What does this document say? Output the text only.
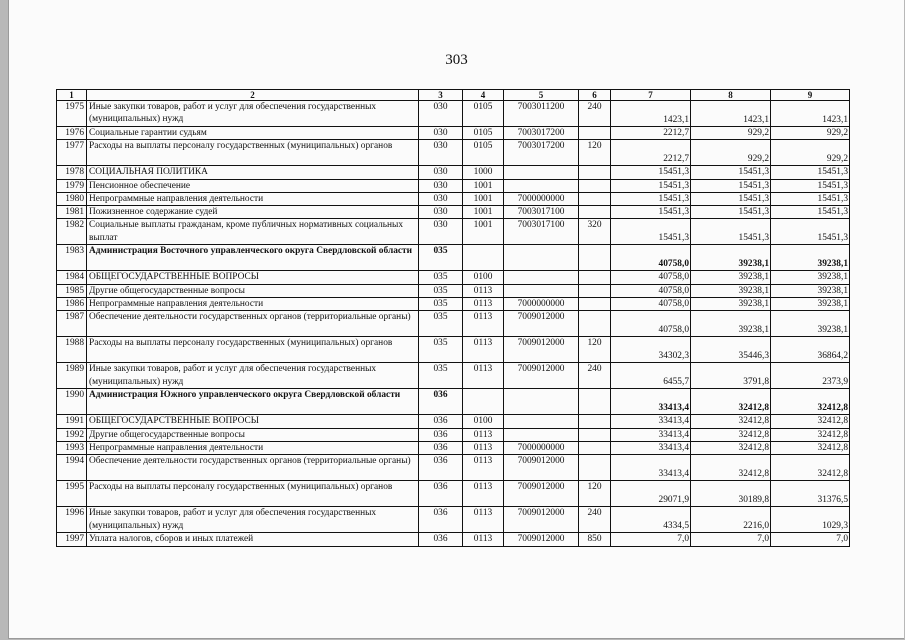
303
1	2	3	4	5	6	7	8	9
1975	Иные закупки товаров, работ и услуг для обеспечения государственных (муниципальных) нужд	030	0105	7003011200	240	1423,1	1423,1	1423,1
1976	Социальные гарантии судьям	030	0105	7003017200		2212,7	929,2	929,2
1977	Расходы на выплаты персоналу государственных (муниципальных) органов	030	0105	7003017200	120	2212,7	929,2	929,2
1978	СОЦИАЛЬНАЯ ПОЛИТИКА	030	1000			15451,3	15451,3	15451,3
1979	Пенсионное обеспечение	030	1001			15451,3	15451,3	15451,3
1980	Непрограммные направления деятельности	030	1001	7000000000		15451,3	15451,3	15451,3
1981	Пожизненное содержание судей	030	1001	7003017100		15451,3	15451,3	15451,3
1982	Социальные выплаты гражданам, кроме публичных нормативных социальных выплат	030	1001	7003017100	320	15451,3	15451,3	15451,3
1983	Администрация Восточного управленческого округа Свердловской области	035				40758,0	39238,1	39238,1
1984	ОБЩЕГОСУДАРСТВЕННЫЕ ВОПРОСЫ	035	0100			40758,0	39238,1	39238,1
1985	Другие общегосударственные вопросы	035	0113			40758,0	39238,1	39238,1
1986	Непрограммные направления деятельности	035	0113	7000000000		40758,0	39238,1	39238,1
1987	Обеспечение деятельности государственных органов (территориальные органы)	035	0113	7009012000		40758,0	39238,1	39238,1
1988	Расходы на выплаты персоналу государственных (муниципальных) органов	035	0113	7009012000	120	34302,3	35446,3	36864,2
1989	Иные закупки товаров, работ и услуг для обеспечения государственных (муниципальных) нужд	035	0113	7009012000	240	6455,7	3791,8	2373,9
1990	Администрация Южного управленческого округа Свердловской области	036				33413,4	32412,8	32412,8
1991	ОБЩЕГОСУДАРСТВЕННЫЕ ВОПРОСЫ	036	0100			33413,4	32412,8	32412,8
1992	Другие общегосударственные вопросы	036	0113			33413,4	32412,8	32412,8
1993	Непрограммные направления деятельности	036	0113	7000000000		33413,4	32412,8	32412,8
1994	Обеспечение деятельности государственных органов (территориальные органы)	036	0113	7009012000		33413,4	32412,8	32412,8
1995	Расходы на выплаты персоналу государственных (муниципальных) органов	036	0113	7009012000	120	29071,9	30189,8	31376,5
1996	Иные закупки товаров, работ и услуг для обеспечения государственных (муниципальных) нужд	036	0113	7009012000	240	4334,5	2216,0	1029,3
1997	Уплата налогов, сборов и иных платежей	036	0113	7009012000	850	7,0	7,0	7,0
